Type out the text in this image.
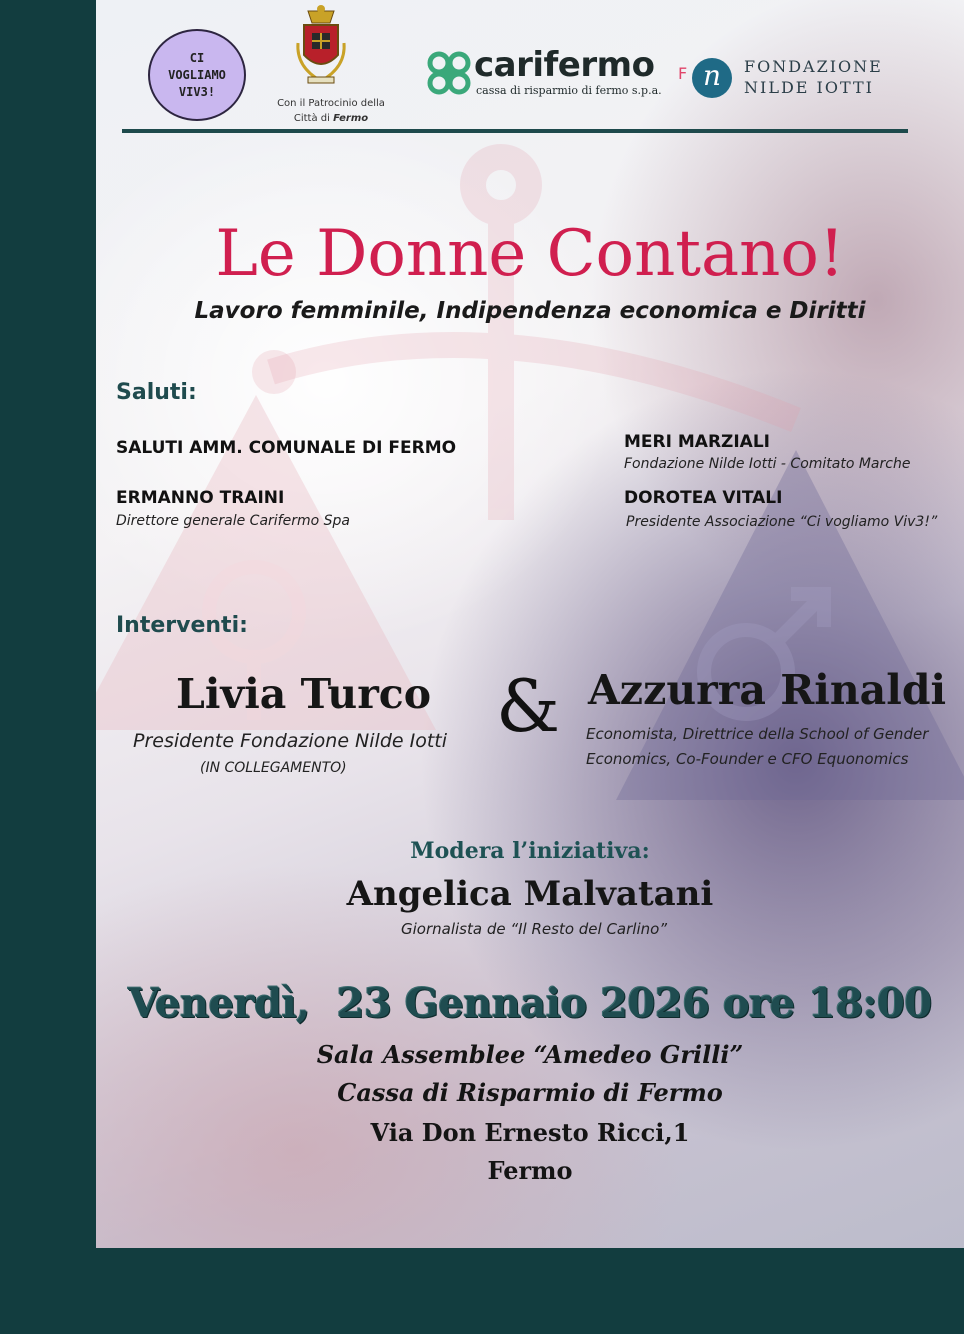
CI
VOGLIAMO
VIV3!
Con il Patrocinio della
Città di Fermo
carifermo
cassa di risparmio di fermo s.p.a.
F n	FONDAZIONE
NILDE IOTTI
Le Donne Contano!
Lavoro femminile, Indipendenza economica e Diritti
Saluti:
SALUTI AMM. COMUNALE DI FERMO
ERMANNO TRAINI
Direttore generale Carifermo Spa
MERI MARZIALI
Fondazione Nilde Iotti - Comitato Marche
DOROTEA VITALI
Presidente Associazione “Ci vogliamo Viv3!”
Interventi:
Livia Turco
Presidente Fondazione Nilde Iotti
(IN COLLEGAMENTO)
& Azzurra Rinaldi
Economista, Direttrice della School of Gender
Economics, Co-Founder e CFO Equonomics
Modera l’iniziativa:
Angelica Malvatani
Giornalista de “Il Resto del Carlino”
Venerdì,  23 Gennaio 2026 ore 18:00
Sala Assemblee “Amedeo Grilli”
Cassa di Risparmio di Fermo
Via Don Ernesto Ricci,1
Fermo
